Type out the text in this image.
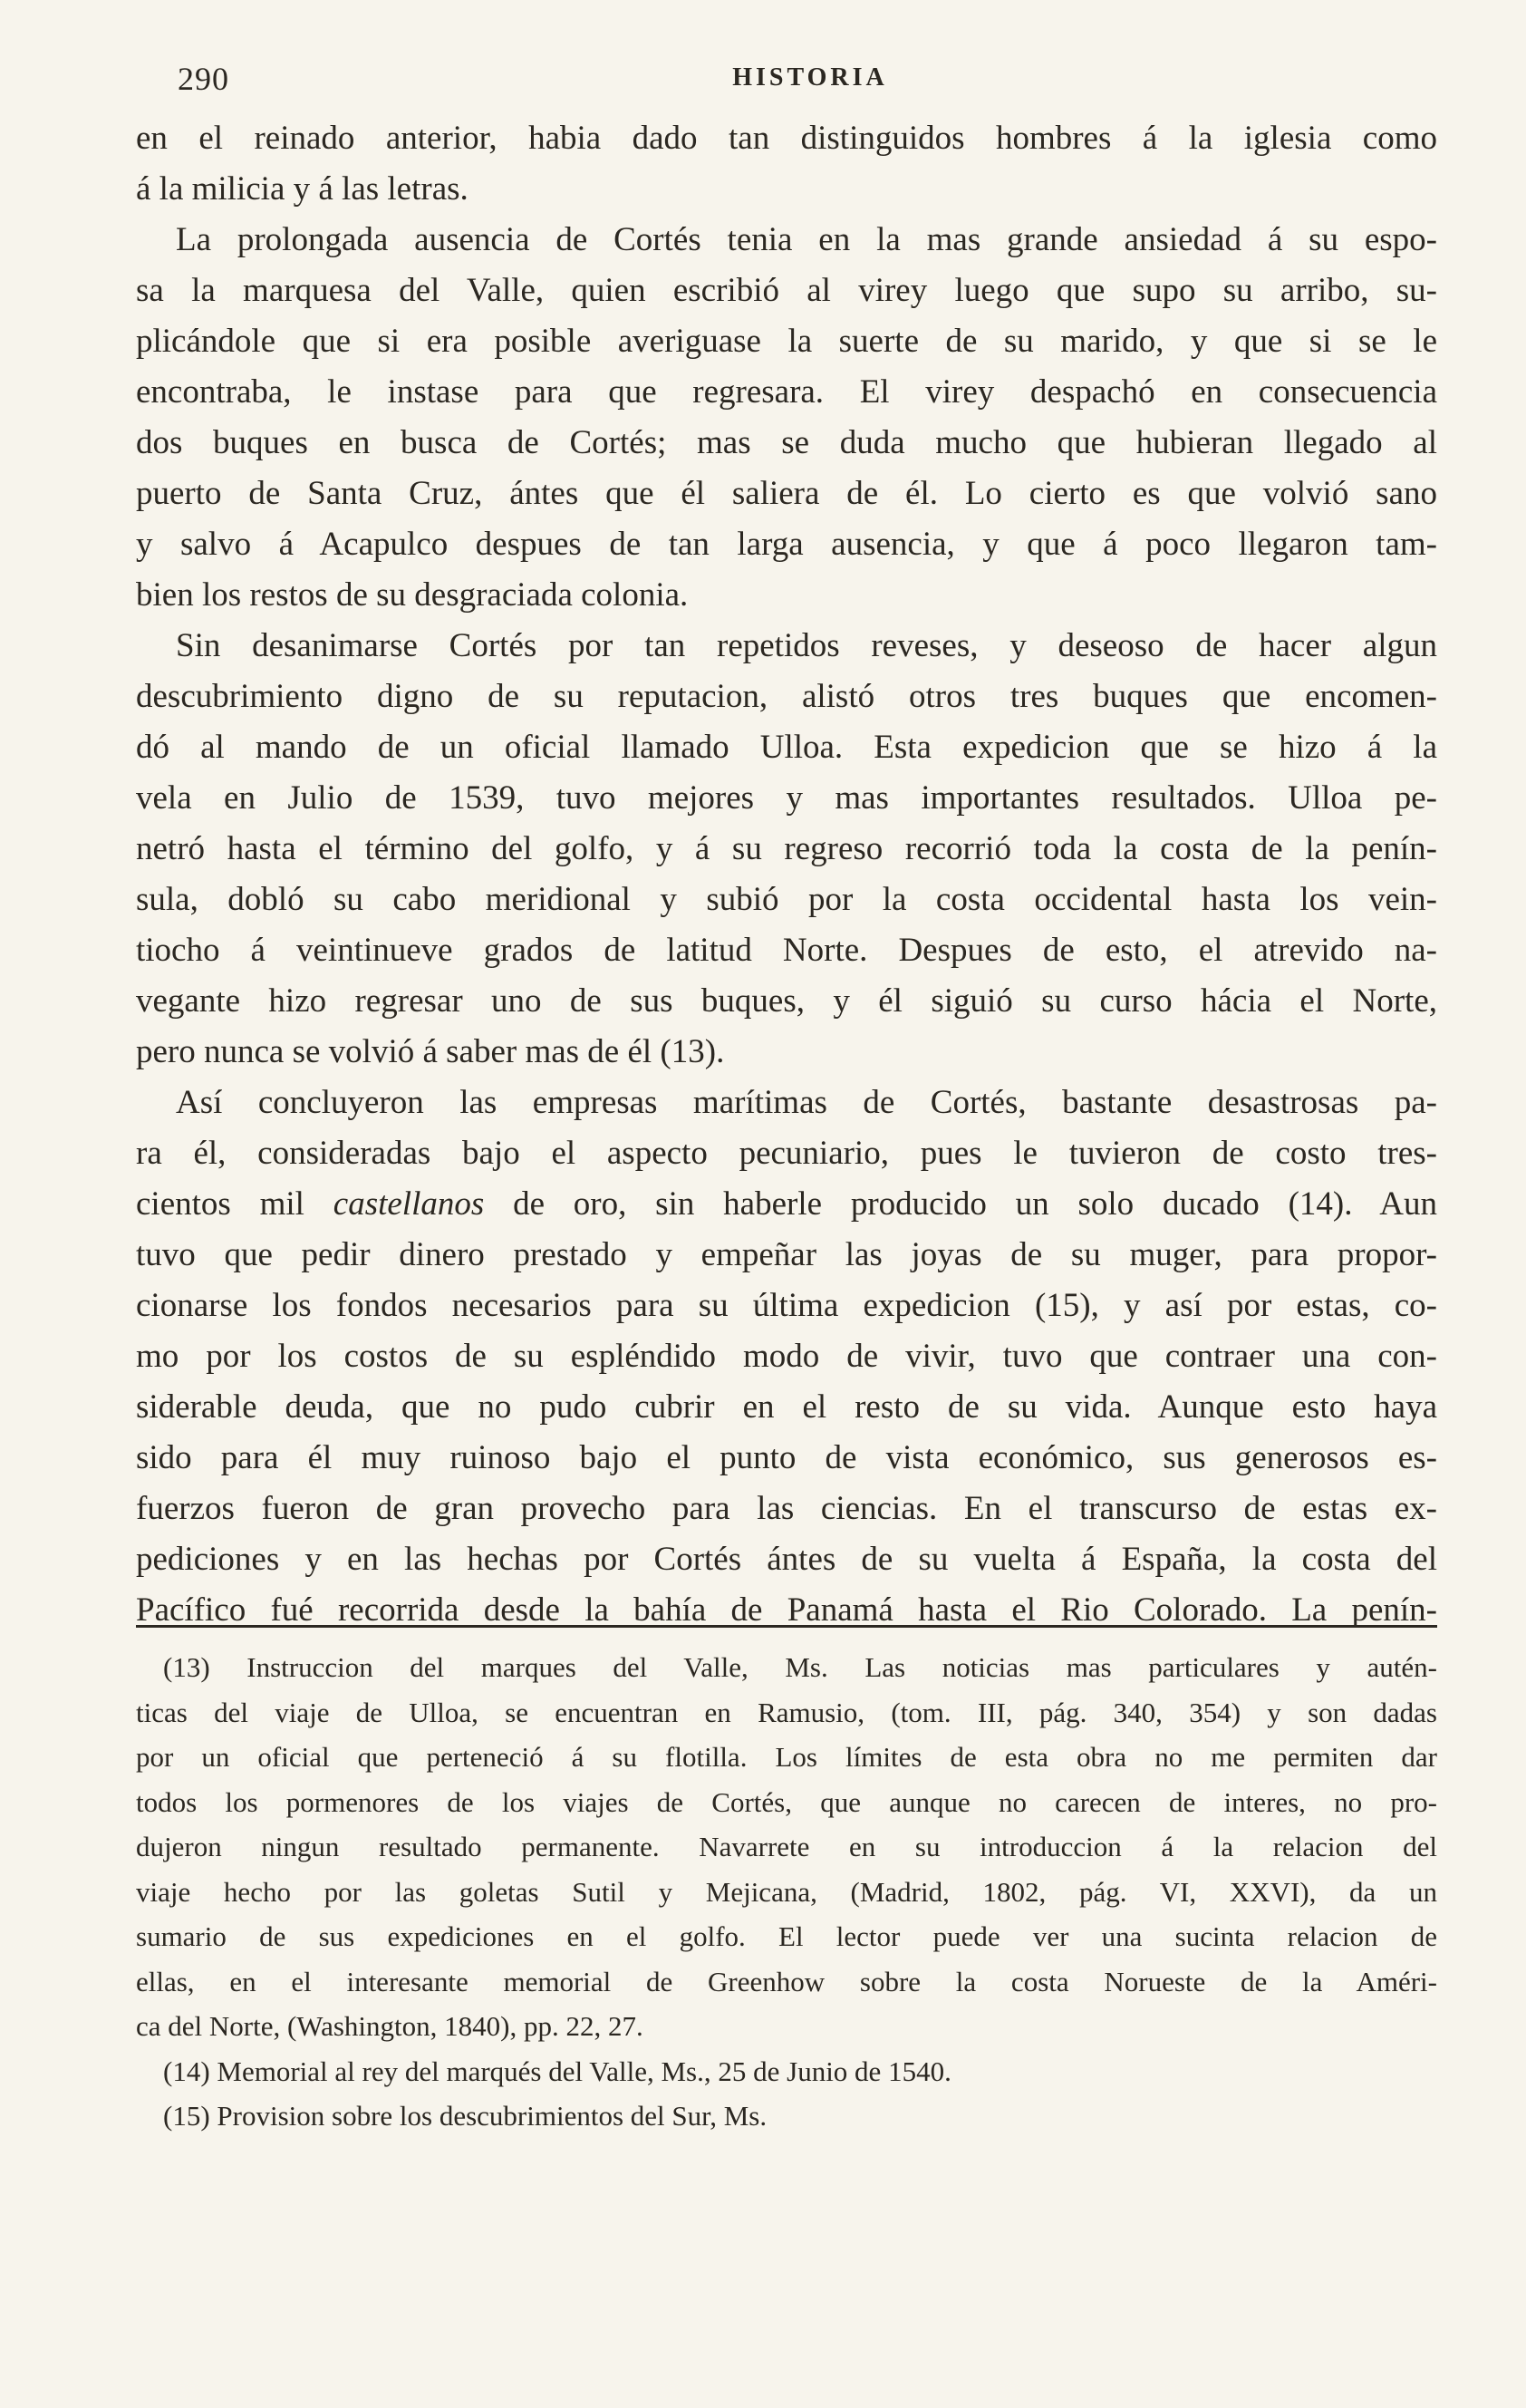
290	HISTORIA
en el reinado anterior, habia dado tan distinguidos hombres á la iglesia como
á la milicia y á las letras.
La prolongada ausencia de Cortés tenia en la mas grande ansiedad á su espo-
sa la marquesa del Valle, quien escribió al virey luego que supo su arribo, su-
plicándole que si era posible averiguase la suerte de su marido, y que si se le
encontraba, le instase para que regresara. El virey despachó en consecuencia
dos buques en busca de Cortés; mas se duda mucho que hubieran llegado al
puerto de Santa Cruz, ántes que él saliera de él. Lo cierto es que volvió sano
y salvo á Acapulco despues de tan larga ausencia, y que á poco llegaron tam-
bien los restos de su desgraciada colonia.
Sin desanimarse Cortés por tan repetidos reveses, y deseoso de hacer algun
descubrimiento digno de su reputacion, alistó otros tres buques que encomen-
dó al mando de un oficial llamado Ulloa. Esta expedicion que se hizo á la
vela en Julio de 1539, tuvo mejores y mas importantes resultados. Ulloa pe-
netró hasta el término del golfo, y á su regreso recorrió toda la costa de la penín-
sula, dobló su cabo meridional y subió por la costa occidental hasta los vein-
tiocho á veintinueve grados de latitud Norte. Despues de esto, el atrevido na-
vegante hizo regresar uno de sus buques, y él siguió su curso hácia el Norte,
pero nunca se volvió á saber mas de él (13).
Así concluyeron las empresas marítimas de Cortés, bastante desastrosas pa-
ra él, consideradas bajo el aspecto pecuniario, pues le tuvieron de costo tres-
cientos mil castellanos de oro, sin haberle producido un solo ducado (14). Aun
tuvo que pedir dinero prestado y empeñar las joyas de su muger, para propor-
cionarse los fondos necesarios para su última expedicion (15), y así por estas, co-
mo por los costos de su espléndido modo de vivir, tuvo que contraer una con-
siderable deuda, que no pudo cubrir en el resto de su vida. Aunque esto haya
sido para él muy ruinoso bajo el punto de vista económico, sus generosos es-
fuerzos fueron de gran provecho para las ciencias. En el transcurso de estas ex-
pediciones y en las hechas por Cortés ántes de su vuelta á España, la costa del
Pacífico fué recorrida desde la bahía de Panamá hasta el Rio Colorado. La penín-
(13) Instruccion del marques del Valle, Ms. Las noticias mas particulares y autén-
ticas del viaje de Ulloa, se encuentran en Ramusio, (tom. III, pág. 340, 354) y son dadas
por un oficial que perteneció á su flotilla. Los límites de esta obra no me permiten dar
todos los pormenores de los viajes de Cortés, que aunque no carecen de interes, no pro-
dujeron ningun resultado permanente. Navarrete en su introduccion á la relacion del
viaje hecho por las goletas Sutil y Mejicana, (Madrid, 1802, pág. VI, XXVI), da un
sumario de sus expediciones en el golfo. El lector puede ver una sucinta relacion de
ellas, en el interesante memorial de Greenhow sobre la costa Norueste de la Améri-
ca del Norte, (Washington, 1840), pp. 22, 27.
(14) Memorial al rey del marqués del Valle, Ms., 25 de Junio de 1540.
(15) Provision sobre los descubrimientos del Sur, Ms.
